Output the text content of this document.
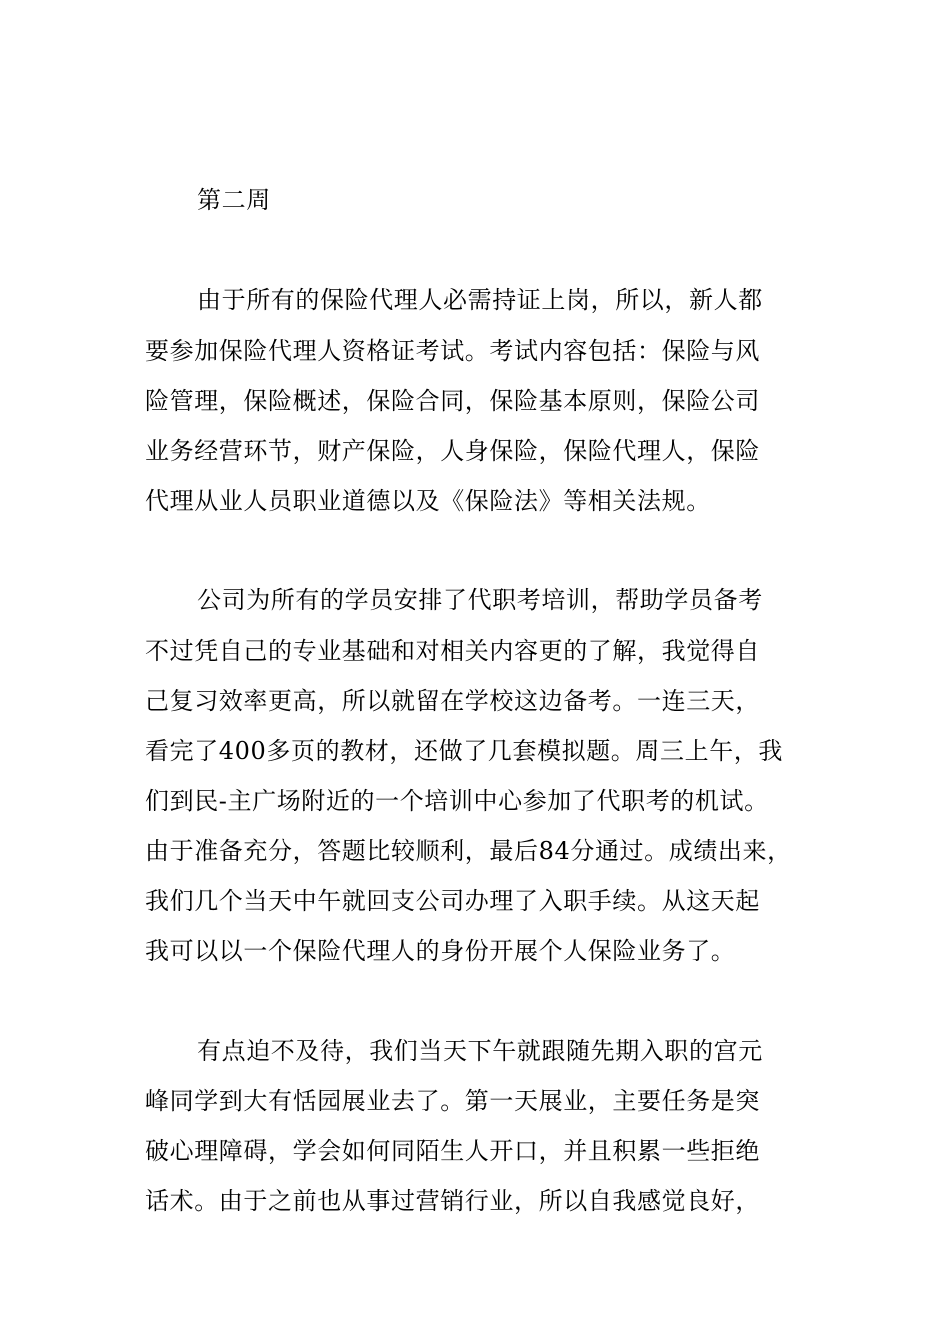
第二周
由于所有的保险代理人必需持证上岗，所以，新人都
要参加保险代理人资格证考试。考试内容包括：保险与风
险管理，保险概述，保险合同，保险基本原则，保险公司
业务经营环节，财产保险，人身保险，保险代理人，保险
代理从业人员职业道德以及《保险法》等相关法规。
公司为所有的学员安排了代职考培训，帮助学员备考
不过凭自己的专业基础和对相关内容更的了解，我觉得自
己复习效率更高，所以就留在学校这边备考。一连三天，
看完了400多页的教材，还做了几套模拟题。周三上午，我
们到民-主广场附近的一个培训中心参加了代职考的机试。
由于准备充分，答题比较顺利，最后84分通过。成绩出来，
我们几个当天中午就回支公司办理了入职手续。从这天起
我可以以一个保险代理人的身份开展个人保险业务了。
有点迫不及待，我们当天下午就跟随先期入职的宫元
峰同学到大有恬园展业去了。第一天展业，主要任务是突
破心理障碍，学会如何同陌生人开口，并且积累一些拒绝
话术。由于之前也从事过营销行业，所以自我感觉良好，
